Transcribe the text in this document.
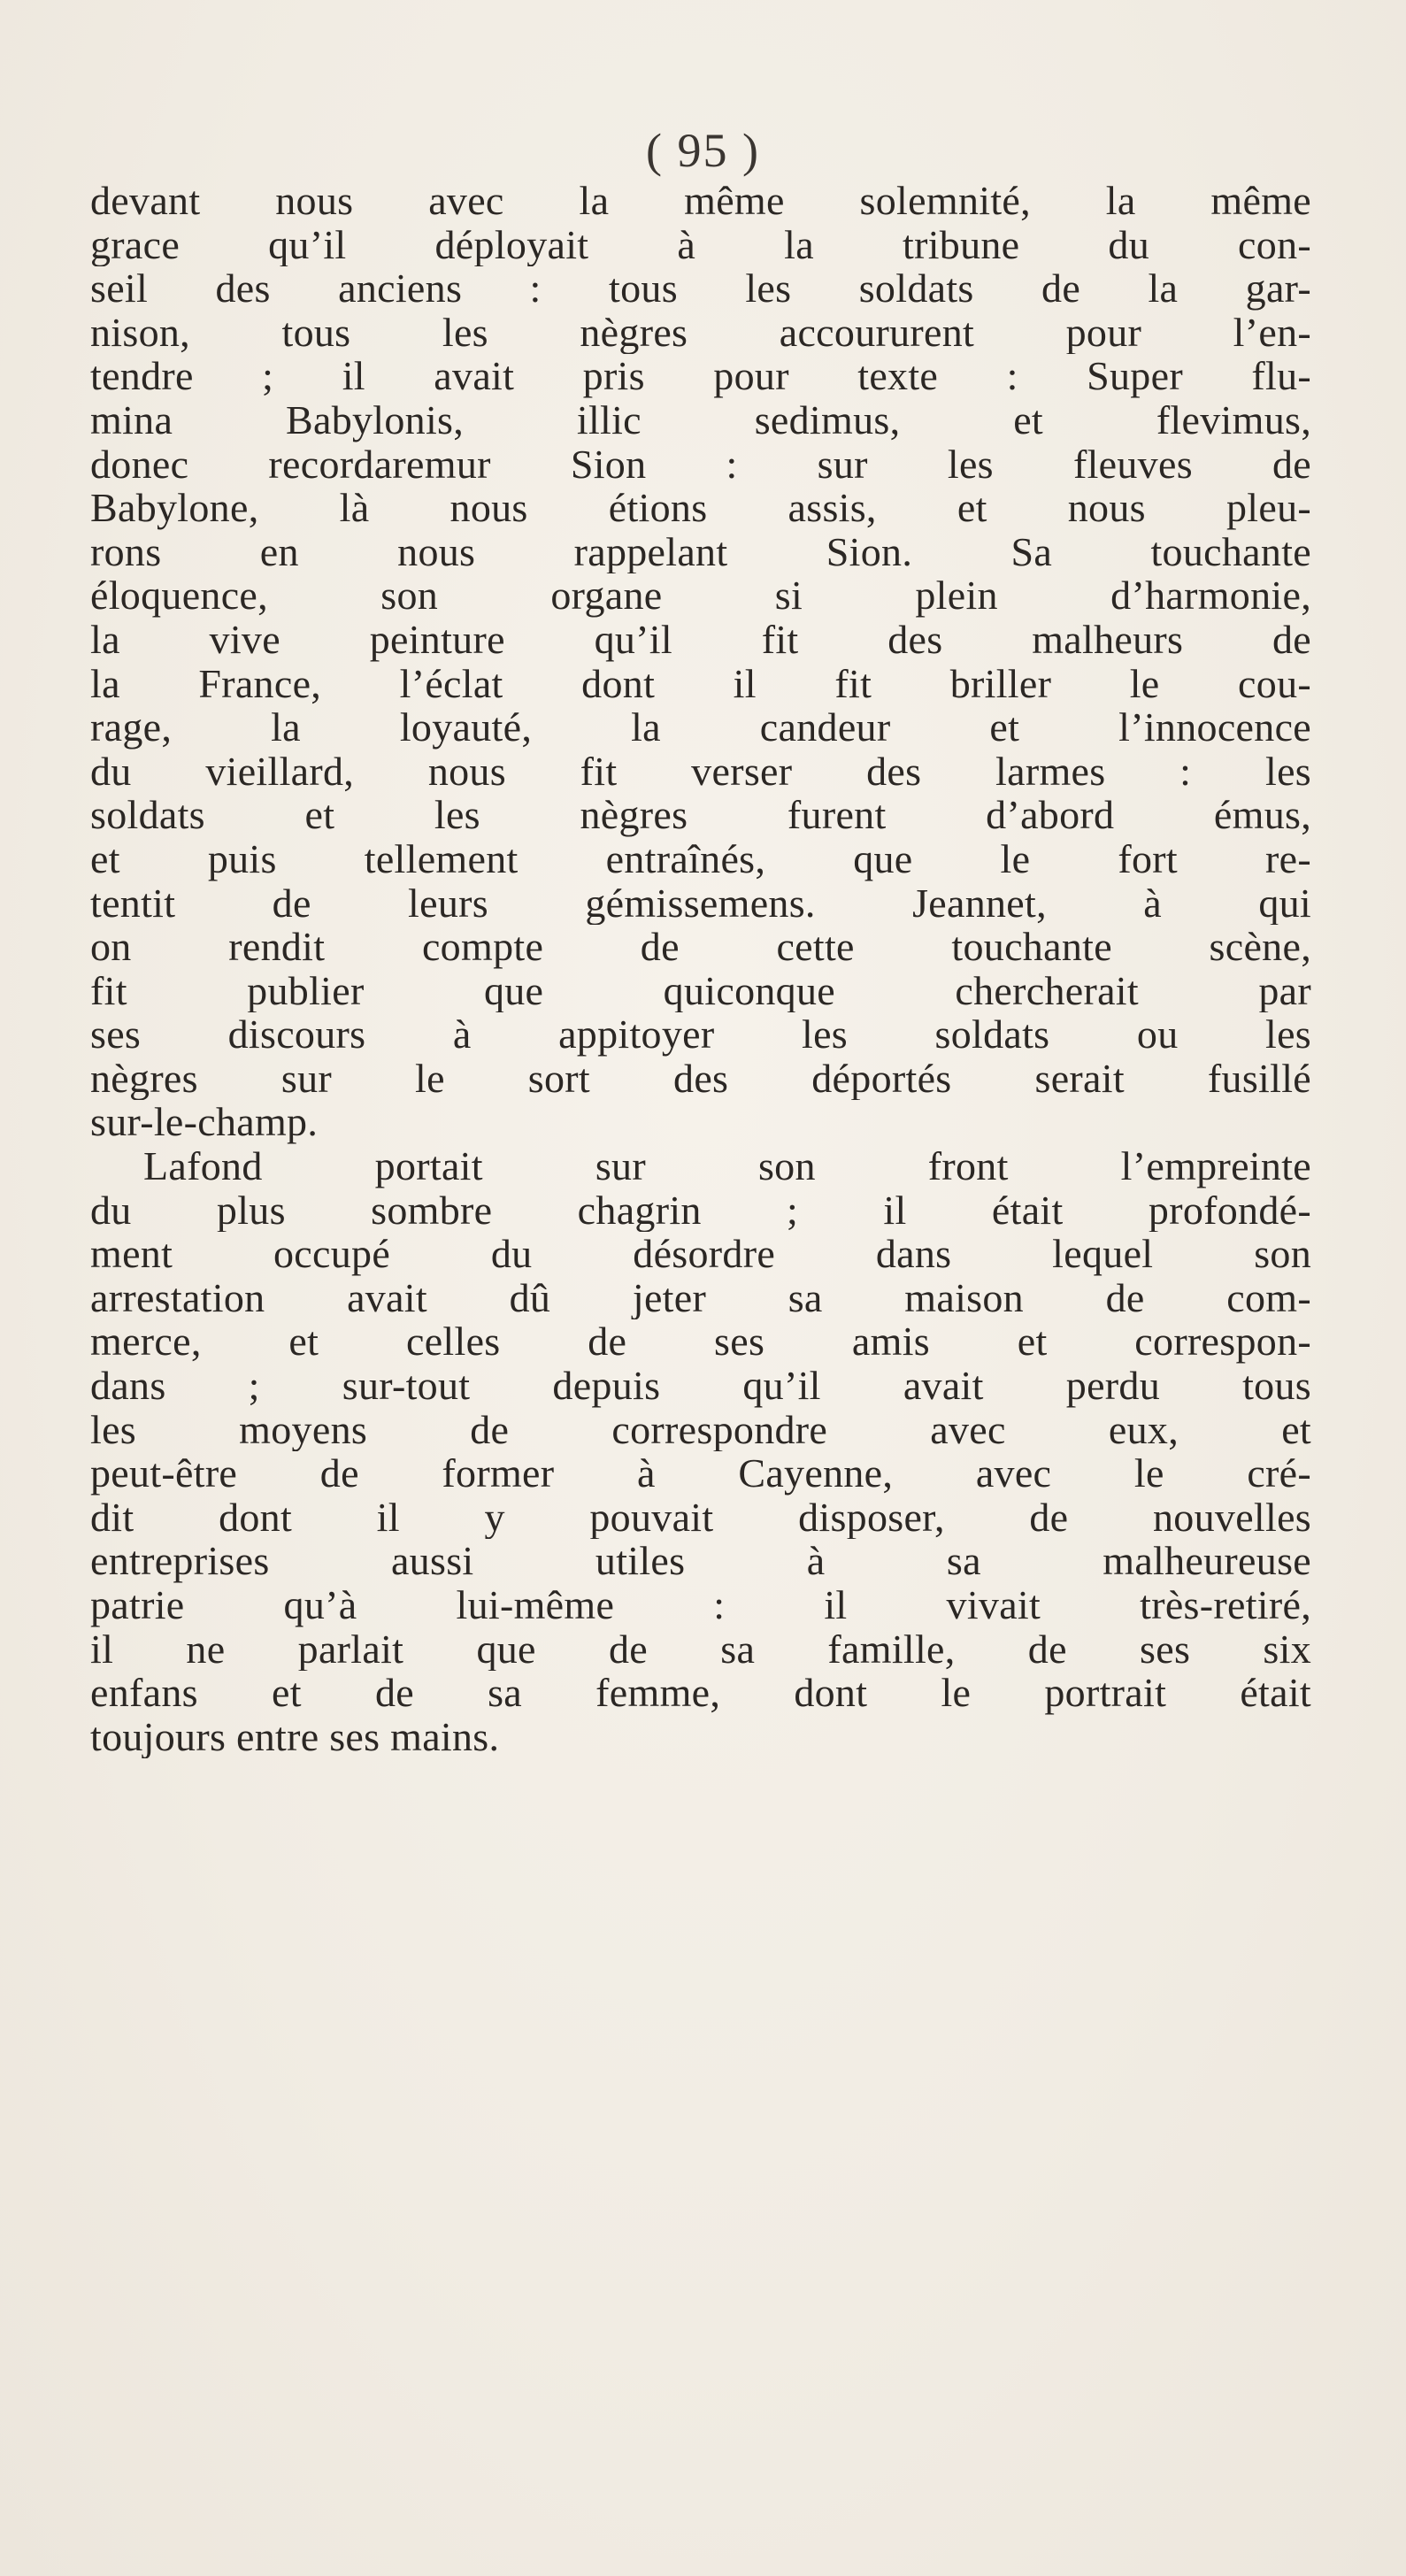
( 95 )
devant nous avec la même solemnité, la même
grace qu’il déployait à la tribune du con-
seil des anciens : tous les soldats de la gar-
nison, tous les nègres accoururent pour l’en-
tendre ; il avait pris pour texte : Super flu-
mina Babylonis, illic sedimus, et flevimus,
donec recordaremur Sion : sur les fleuves de
Babylone, là nous étions assis, et nous pleu-
rons en nous rappelant Sion. Sa touchante
éloquence, son organe si plein d’harmonie,
la vive peinture qu’il fit des malheurs de
la France, l’éclat dont il fit briller le cou-
rage, la loyauté, la candeur et l’innocence
du vieillard, nous fit verser des larmes : les
soldats et les nègres furent d’abord émus,
et puis tellement entraînés, que le fort re-
tentit de leurs gémissemens. Jeannet, à qui
on rendit compte de cette touchante scène,
fit publier que quiconque chercherait par
ses discours à appitoyer les soldats ou les
nègres sur le sort des déportés serait fusillé
sur-le-champ.
Lafond portait sur son front l’empreinte
du plus sombre chagrin ; il était profondé-
ment occupé du désordre dans lequel son
arrestation avait dû jeter sa maison de com-
merce, et celles de ses amis et correspon-
dans ; sur-tout depuis qu’il avait perdu tous
les moyens de correspondre avec eux, et
peut-être de former à Cayenne, avec le cré-
dit dont il y pouvait disposer, de nouvelles
entreprises aussi utiles à sa malheureuse
patrie qu’à lui-même : il vivait très-retiré,
il ne parlait que de sa famille, de ses six
enfans et de sa femme, dont le portrait était
toujours entre ses mains.
